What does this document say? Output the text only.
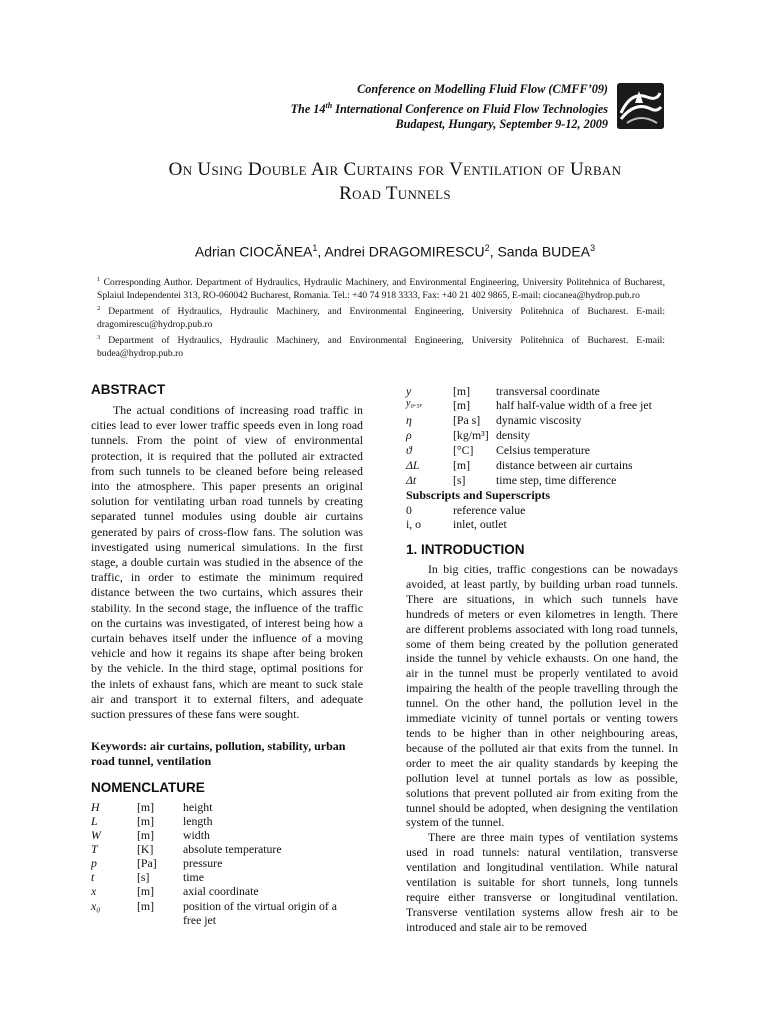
Conference on Modelling Fluid Flow (CMFF’09)
The 14th International Conference on Fluid Flow Technologies
Budapest, Hungary, September 9-12, 2009
On Using Double Air Curtains for Ventilation of Urban
Road Tunnels
Adrian CIOCĂNEA$^1$, Andrei DRAGOMIRESCU$^2$, Sanda BUDEA$^3$

$^1$ Corresponding Author. Department of Hydraulics, Hydraulic Machinery, and Environmental Engineering, University Politehnica of Bucharest, Splaiul Independentei 313, RO-060042 Bucharest, Romania. Tel.: +40 74 918 3333, Fax: +40 21 402 9865, E-mail: ciocanea@hydrop.pub.ro

$^2$ Department of Hydraulics, Hydraulic Machinery, and Environmental Engineering, University Politehnica of Bucharest. E-mail: dragomirescu@hydrop.pub.ro

$^3$ Department of Hydraulics, Hydraulic Machinery, and Environmental Engineering, University Politehnica of Bucharest. E-mail: budea@hydrop.pub.ro

ABSTRACT
The actual conditions of increasing road traffic in cities lead to ever lower traffic speeds even in long road tunnels. From the point of view of environmental protection, it is required that the polluted air extracted from such tunnels to be cleaned before being released into the atmosphere. This paper presents an original solution for ventilating urban road tunnels by creating separated tunnel modules using double air curtains generated by pairs of cross-flow fans. The solution was investigated using numerical simulations. In the first stage, a double curtain was studied in the absence of the traffic, in order to estimate the minimum required distance between the two curtains, which assures their stability. In the second stage, the influence of the traffic on the curtains was investigated, of interest being how a curtain behaves itself under the influence of a moving vehicle and how it regains its shape after being broken by the vehicle. In the third stage, optimal positions for the inlets of exhaust fans, which are meant to suck stale air and transport it to external filters, and adequate suction pressures of these fans were sought.
Keywords: air curtains, pollution, stability, urban road tunnel, ventilation
NOMENCLATURE
H	[m] height
L	[m] length
W	[m] width
T	[K]	absolute temperature
p	[Pa] pressure
t	[s]	time
x	[m] axial coordinate
x₀	[m] position of the virtual origin of a
free jet
y	[m] transversal coordinate
y₀.₅ᵥ	[m] half half-value width of a free jet
η	[Pa s] dynamic viscosity
ρ	[kg/m³] density
ϑ	[°C] Celsius temperature
ΔL	[m] distance between air curtains
Δt	[s]	time step, time difference
Subscripts and Superscripts
0	reference value
i, o	inlet, outlet
1. INTRODUCTION

In big cities, traffic congestions can be nowadays avoided, at least partly, by building urban road tunnels. There are situations, in which such tunnels have hundreds of meters or even kilometres in length. There are different problems associated with long road tunnels, some of them being created by the pollution generated inside the tunnel by vehicle exhausts. On one hand, the air in the tunnel must be properly ventilated to avoid impairing the health of the people travelling through the tunnel. On the other hand, the pollution level in the immediate vicinity of tunnel portals or venting towers tends to be higher than in other neighbouring areas, because of the polluted air that exits from the tunnel. In order to meet the air quality standards by keeping the pollution level at tunnel portals as low as possible, solutions that prevent polluted air from exiting from the tunnel should be adopted, when designing the ventilation system of the tunnel.

There are three main types of ventilation systems used in road tunnels: natural ventilation, transverse ventilation and longitudinal ventilation. While natural ventilation is suitable for short tunnels, long tunnels require either transverse or longitudinal ventilation. Transverse ventilation systems allow fresh air to be introduced and stale air to be removed
